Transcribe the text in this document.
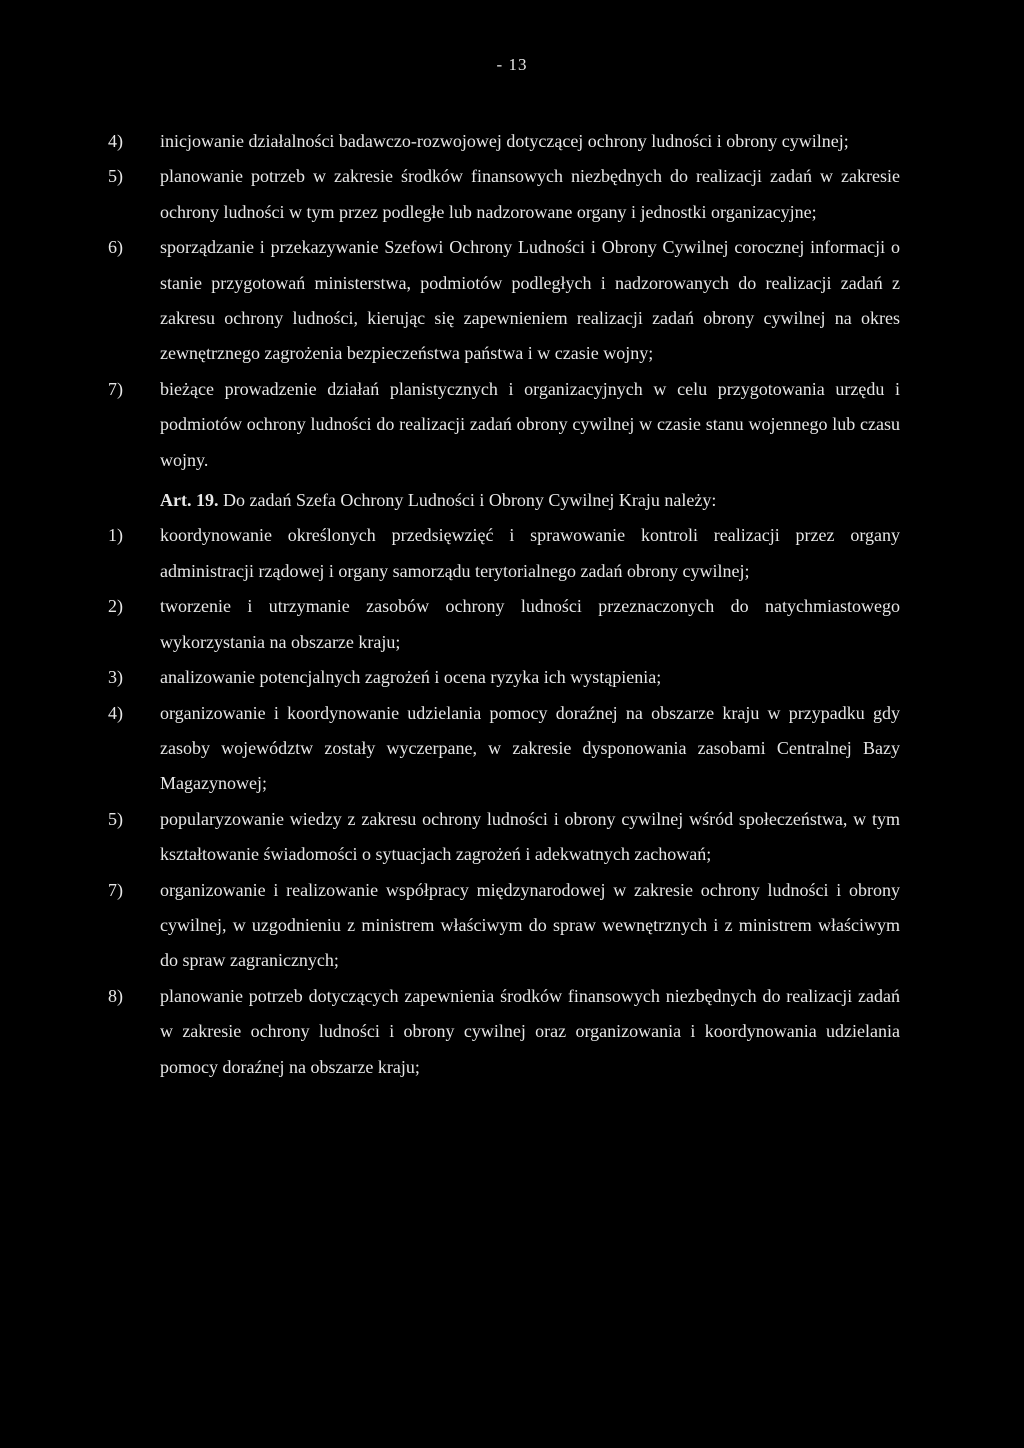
- 13
4)	inicjowanie działalności badawczo-rozwojowej dotyczącej ochrony ludności i obrony cywilnej;
5)	planowanie potrzeb w zakresie środków finansowych niezbędnych do realizacji zadań w zakresie ochrony ludności w tym przez podległe lub nadzorowane organy i jednostki organizacyjne;
6)	sporządzanie i przekazywanie Szefowi Ochrony Ludności i Obrony Cywilnej corocznej informacji o stanie przygotowań ministerstwa, podmiotów podległych i nadzorowanych do realizacji zadań z zakresu ochrony ludności, kierując się zapewnieniem realizacji zadań obrony cywilnej na okres zewnętrznego zagrożenia bezpieczeństwa państwa i w czasie wojny;
7)	bieżące prowadzenie działań planistycznych i organizacyjnych w celu przygotowania urzędu i podmiotów ochrony ludności do realizacji zadań obrony cywilnej w czasie stanu wojennego lub czasu wojny.
Art. 19. Do zadań Szefa Ochrony Ludności i Obrony Cywilnej Kraju należy:
1)	koordynowanie określonych przedsięwzięć i sprawowanie kontroli realizacji przez organy administracji rządowej i organy samorządu terytorialnego zadań obrony cywilnej;
2)	tworzenie i utrzymanie zasobów ochrony ludności przeznaczonych do natychmiastowego wykorzystania na obszarze kraju;
3)	analizowanie potencjalnych zagrożeń i ocena ryzyka ich wystąpienia;
4)	organizowanie i koordynowanie udzielania pomocy doraźnej na obszarze kraju w przypadku gdy zasoby województw zostały wyczerpane, w zakresie dysponowania zasobami Centralnej Bazy Magazynowej;
5)	popularyzowanie wiedzy z zakresu ochrony ludności i obrony cywilnej wśród społeczeństwa, w tym kształtowanie świadomości o sytuacjach zagrożeń i adekwatnych zachowań;
7)	organizowanie i realizowanie współpracy międzynarodowej w zakresie ochrony ludności i obrony cywilnej, w uzgodnieniu z ministrem właściwym do spraw wewnętrznych i z ministrem właściwym do spraw zagranicznych;
8)	planowanie potrzeb dotyczących zapewnienia środków finansowych niezbędnych do realizacji zadań w zakresie ochrony ludności i obrony cywilnej oraz organizowania i koordynowania udzielania pomocy doraźnej na obszarze kraju;
